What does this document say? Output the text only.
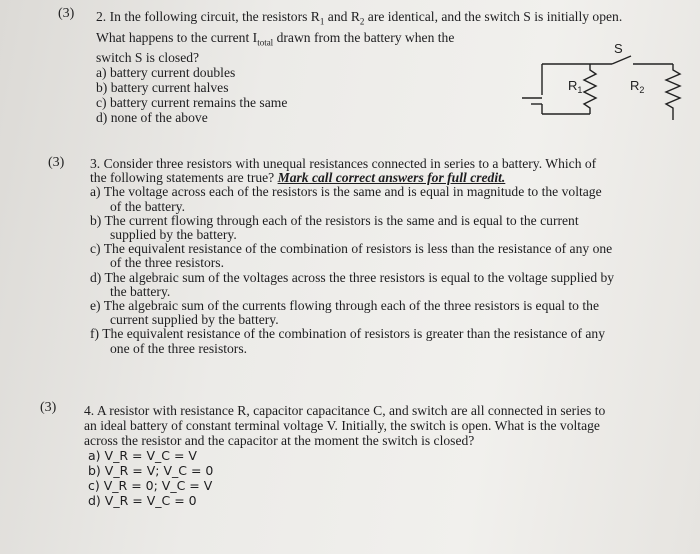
(3) 2. In the following circuit, the resistors $R_1$ and $R_2$ are identical, and the switch S is initially open.

What happens to the current $I_{total}$ drawn from the battery when the

switch S is closed?

a) battery current doubles
b) battery current halves
c) battery current remains the same
d) none of the above
S
$R_1$	$R_2$
(3) 3. Consider three resistors with unequal resistances connected in series to a battery. Which of

the following statements are true? Mark call correct answers for full credit.

a) The voltage across each of the resistors is the same and is equal in magnitude to the voltage
of the battery.
b) The current flowing through each of the resistors is the same and is equal to the current
supplied by the battery.
c) The equivalent resistance of the combination of resistors is less than the resistance of any one
of the three resistors.
d) The algebraic sum of the voltages across the three resistors is equal to the voltage supplied by
the battery.
e) The algebraic sum of the currents flowing through each of the three resistors is equal to the
current supplied by the battery.
f) The equivalent resistance of the combination of resistors is greater than the resistance of any
one of the three resistors.
(3) 4. A resistor with resistance R, capacitor capacitance C, and switch are all connected in series to

an ideal battery of constant terminal voltage V. Initially, the switch is open. What is the voltage

across the resistor and the capacitor at the moment the switch is closed?

a) V_R = V_C = V
b) V_R = V; V_C = 0
c) V_R = 0; V_C = V
d) V_R = V_C = 0
